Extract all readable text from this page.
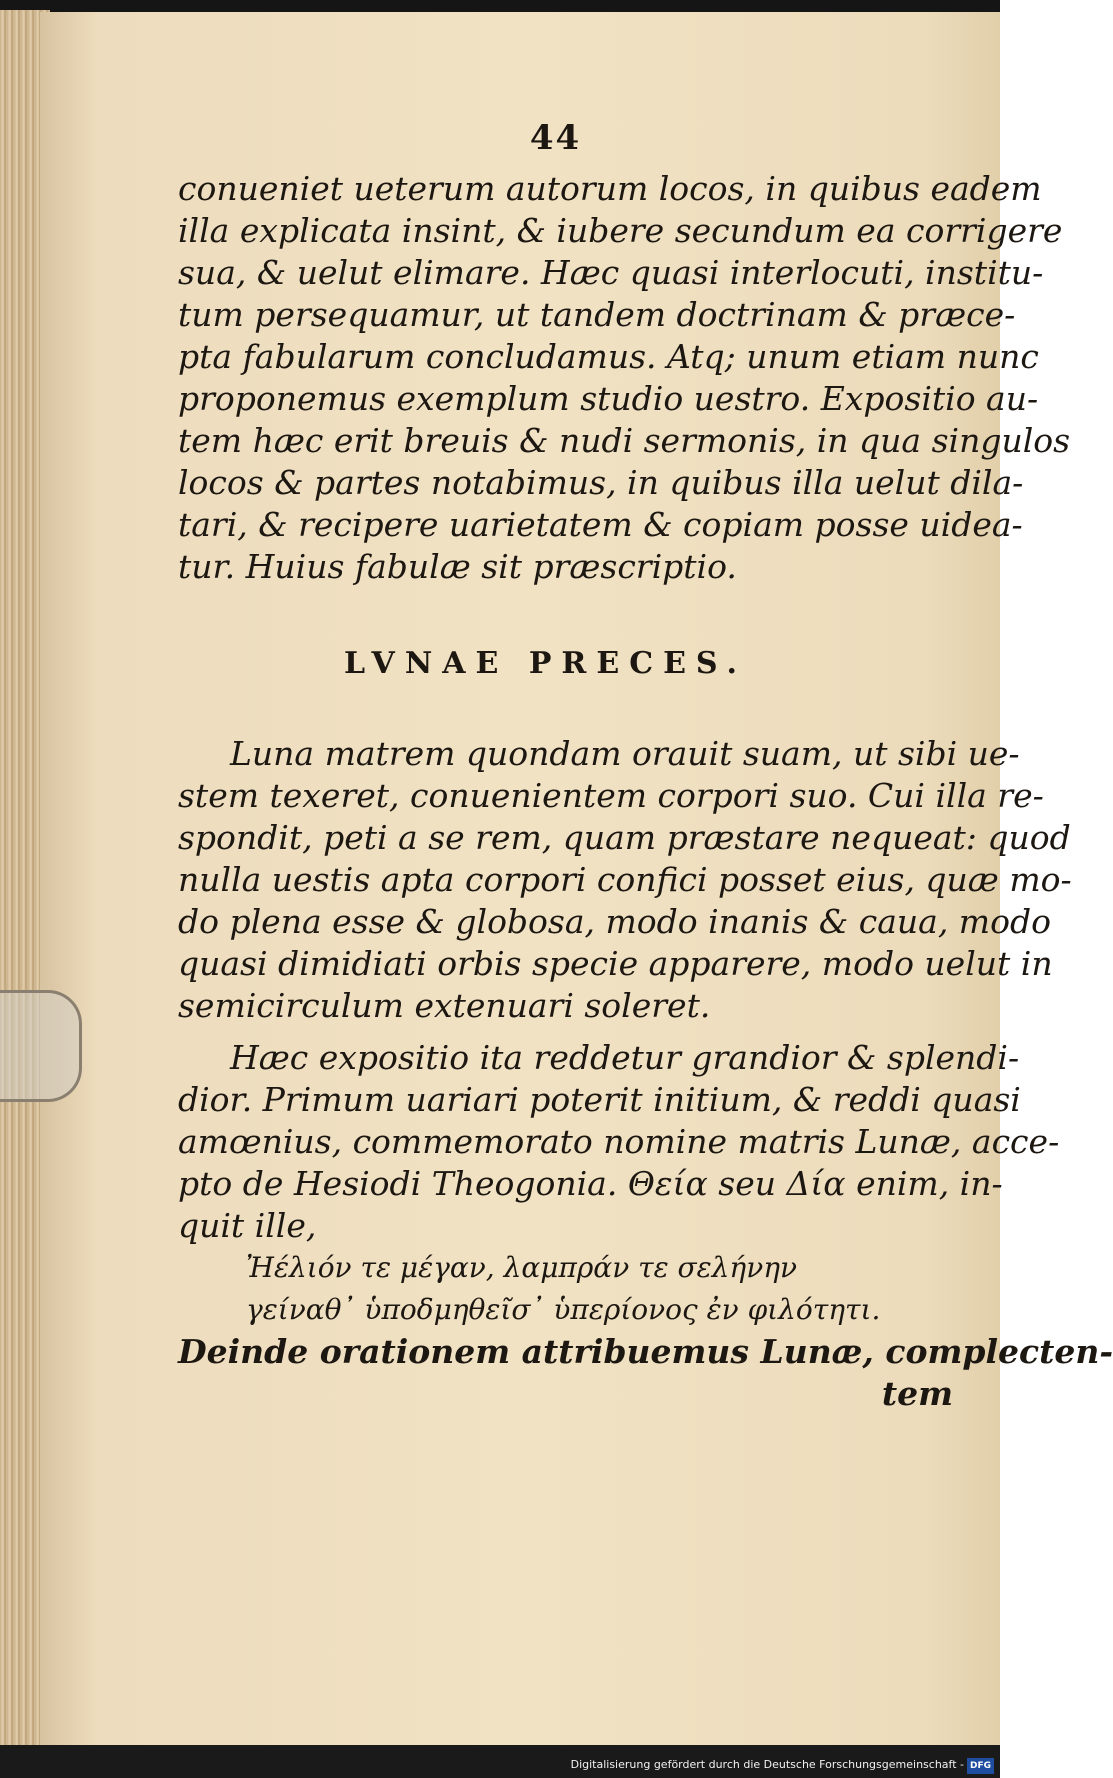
44
conueniet ueterum autorum locos, in quibus eadem
illa explicata insint, & iubere secundum ea corrigere
sua, & uelut elimare. Hæc quasi interlocuti, institu-
tum persequamur, ut tandem doctrinam & præce-
pta fabularum concludamus. Atq; unum etiam nunc
proponemus exemplum studio uestro. Expositio au-
tem hæc erit breuis & nudi sermonis, in qua singulos
locos & partes notabimus, in quibus illa uelut dila-
tari, & recipere uarietatem & copiam posse uidea-
tur. Huius fabulæ sit præscriptio.
LVNAE PRECES.
Luna matrem quondam orauit suam, ut sibi ue-
stem texeret, conuenientem corpori suo. Cui illa re-
spondit, peti a se rem, quam præstare nequeat: quod
nulla uestis apta corpori confici posset eius, quæ mo-
do plena esse & globosa, modo inanis & caua, modo
quasi dimidiati orbis specie apparere, modo uelut in
semicirculum extenuari soleret.
Hæc expositio ita reddetur grandior & splendi-
dior. Primum uariari poterit initium, & reddi quasi
amœnius, commemorato nomine matris Lunæ, acce-
pto de Hesiodi Theogonia. Θεία seu Δία enim, in-
quit ille,
Ἠέλιόν τε μέγαν, λαμπράν τε σελήνην
γείναθ᾽ ὑποδμηθεῖσ᾽ ὑπερίονος ἐν φιλότητι.
Deinde orationem attribuemus Lunæ, complecten-
tem
Digitalisierung gefördert durch die Deutsche Forschungsgemeinschaft - DFG
